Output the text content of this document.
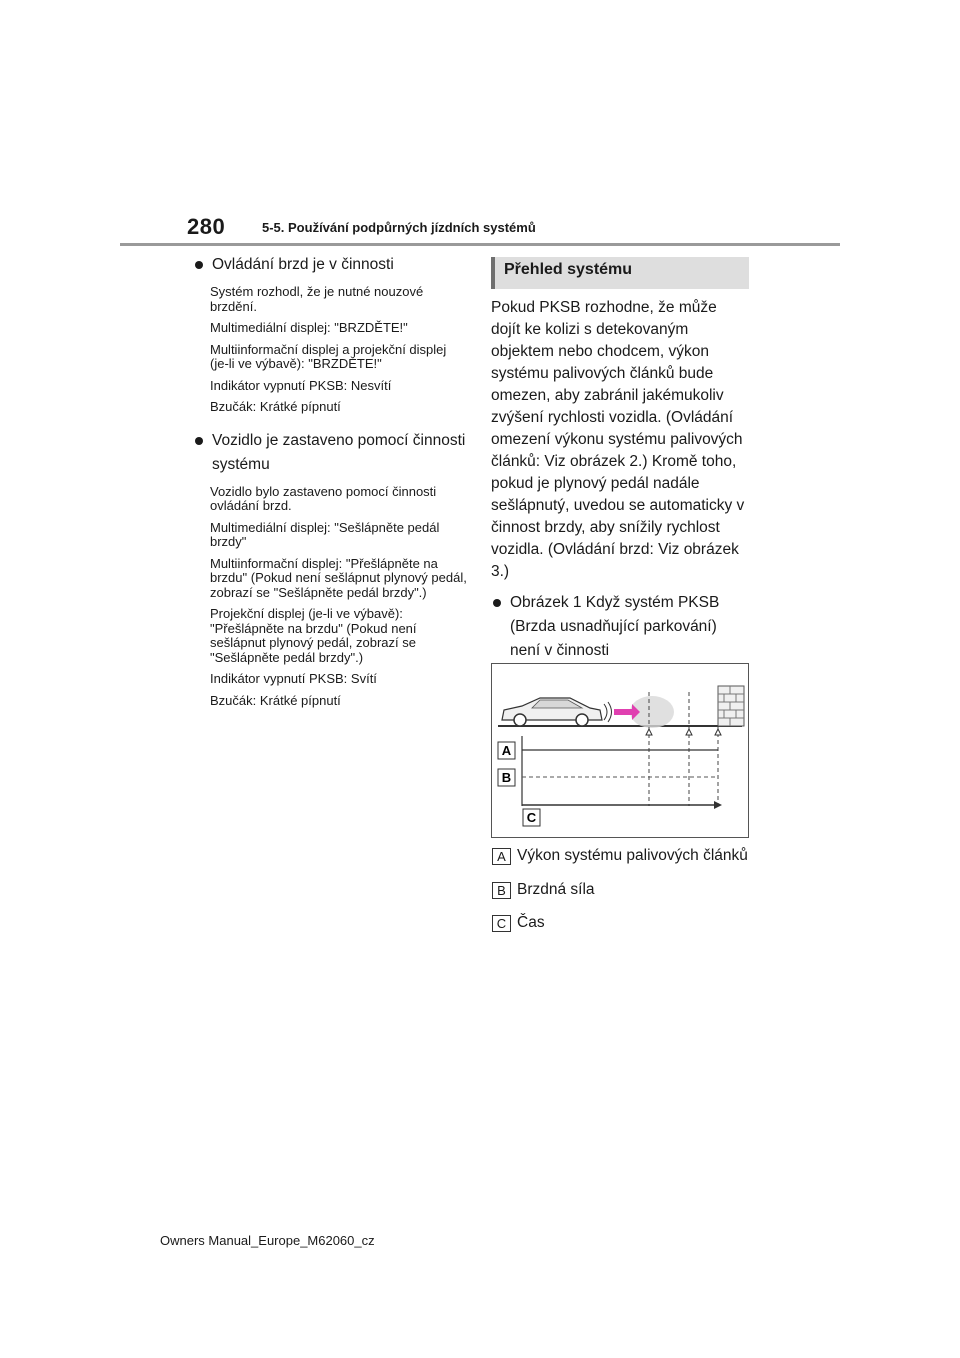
280	5-5. Používání podpůrných jízdních systémů
Ovládání brzd je v činnosti
Systém rozhodl, že je nutné nouzové brzdění.
Multimediální displej: "BRZDĚTE!"
Multiinformační displej a projekční displej (je-li ve výbavě): "BRZDĚTE!"
Indikátor vypnutí PKSB: Nesvítí
Bzučák: Krátké pípnutí
Vozidlo je zastaveno pomocí činnosti systému
Vozidlo bylo zastaveno pomocí činnosti ovládání brzd.
Multimediální displej: "Sešlápněte pedál brzdy"
Multiinformační displej: "Přešlápněte na brzdu" (Pokud není sešlápnut plynový pedál, zobrazí se "Sešlápněte pedál brzdy".)
Projekční displej (je-li ve výbavě): "Přešlápněte na brzdu" (Pokud není sešlápnut plynový pedál, zobrazí se "Sešlápněte pedál brzdy".)
Indikátor vypnutí PKSB: Svítí
Bzučák: Krátké pípnutí
Přehled systému
Pokud PKSB rozhodne, že může dojít ke kolizi s detekovaným objektem nebo chodcem, výkon systému palivových článků bude omezen, aby zabránil jakémukoliv zvýšení rychlosti vozidla. (Ovládání omezení výkonu systému palivových článků: Viz obrázek 2.) Kromě toho, pokud je plynový pedál nadále sešlápnutý, uvedou se automaticky v činnost brzdy, aby snížily rychlost vozidla. (Ovládání brzd: Viz obrázek 3.)
Obrázek 1 Když systém PKSB (Brzda usnadňující parkování) není v činnosti
A
B
C
A Výkon systému palivových článků
B Brzdná síla
C Čas
Owners Manual_Europe_M62060_cz
